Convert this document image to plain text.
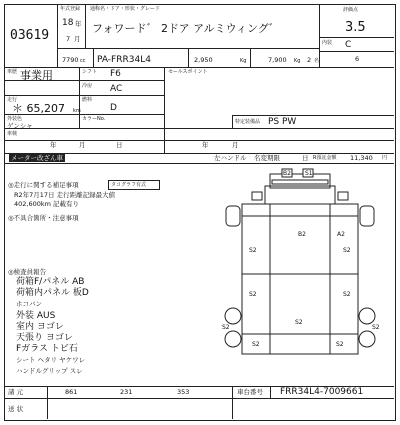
03619
年式登録
18 年
7 月
通称名・ドア・形状・グレード
フォワード゛ 2ドア アルミウィング゛
評価点
3.5
内装 C
6
7790 cc PA-FRR34L4	2,950	Kg	7,900 Kg 2 名
車歴 事業用	シフト F6
冷房 AC
走行
＊ 65,207 km
燃料
D
外装色
ゲンシャ
カラーNo.
セールスポイント
車検
年	月	日	年	月
特定装備品 PS PW
メーター改ざん車	左ハンドル 名変期限	日 R預託金額 11,340 円
◎走行に関する補足事項	タコグラフ有式
R2年7月17日 走行距離記録最大値
402,600km 記載有り
◎不具合箇所・注意事項
◎検査員報告
荷箱F/パネル AB
荷箱内パネル 板D
ホコバン
外装 AUS
室内 ヨゴレ
天張り ヨゴレ
Fガラス トビ石
シート ヘタリ ヤケワレ
ハンドルグリップ スレ
B2 S1
B2	A2
S2	S2
S2	S2
S2
S2	S2
S2	S2
諸 元	861	231	353	車台番号 FRR34L4-7009661
送 状
